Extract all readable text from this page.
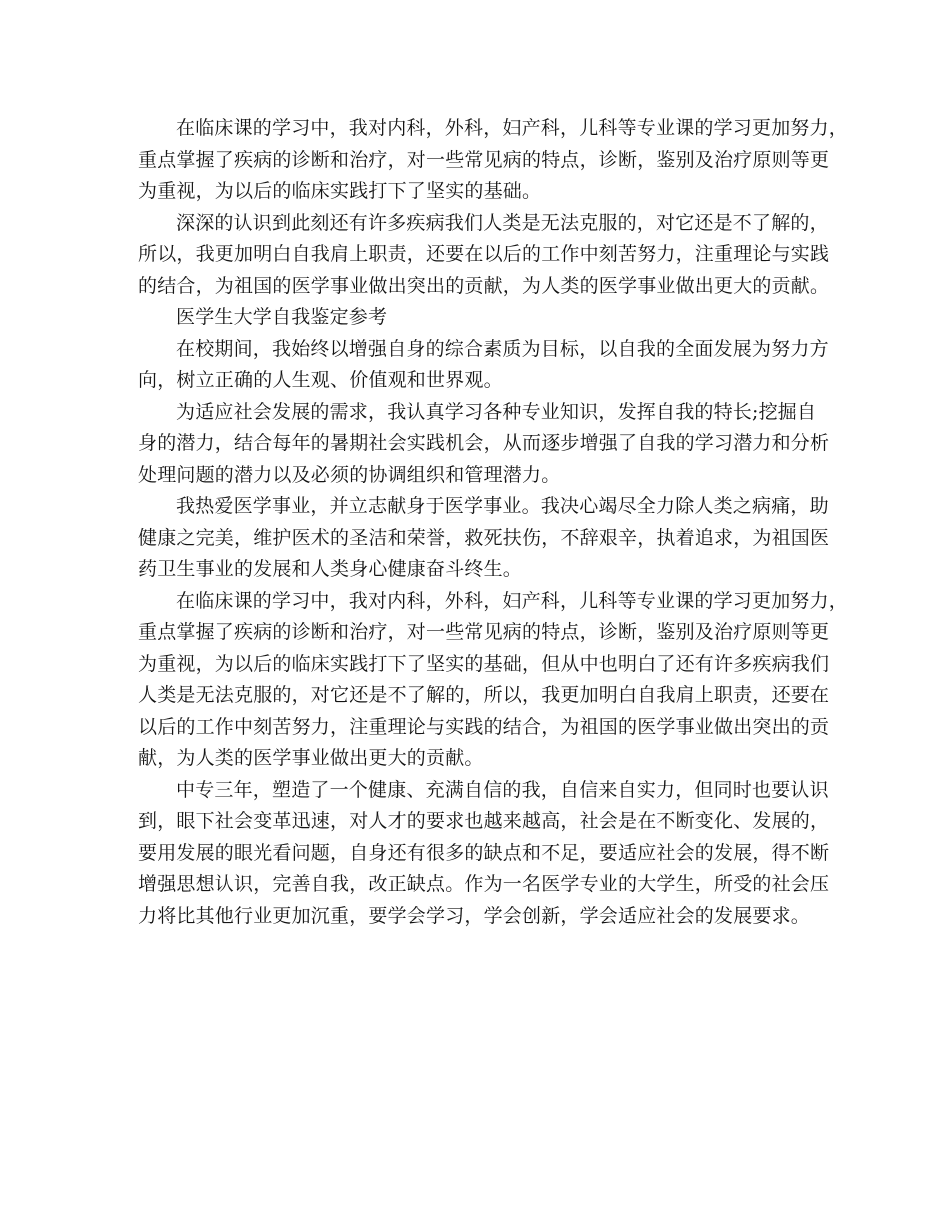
在临床课的学习中，我对内科，外科，妇产科，儿科等专业课的学习更加努力，
重点掌握了疾病的诊断和治疗，对一些常见病的特点，诊断，鉴别及治疗原则等更
为重视，为以后的临床实践打下了坚实的基础。
深深的认识到此刻还有许多疾病我们人类是无法克服的，对它还是不了解的，
所以，我更加明白自我肩上职责，还要在以后的工作中刻苦努力，注重理论与实践
的结合，为祖国的医学事业做出突出的贡献，为人类的医学事业做出更大的贡献。
医学生大学自我鉴定参考
在校期间，我始终以增强自身的综合素质为目标，以自我的全面发展为努力方
向，树立正确的人生观、价值观和世界观。
为适应社会发展的需求，我认真学习各种专业知识，发挥自我的特长;挖掘自
身的潜力，结合每年的暑期社会实践机会，从而逐步增强了自我的学习潜力和分析
处理问题的潜力以及必须的协调组织和管理潜力。
我热爱医学事业，并立志献身于医学事业。我决心竭尽全力除人类之病痛，助
健康之完美，维护医术的圣洁和荣誉，救死扶伤，不辞艰辛，执着追求，为祖国医
药卫生事业的发展和人类身心健康奋斗终生。
在临床课的学习中，我对内科，外科，妇产科，儿科等专业课的学习更加努力，
重点掌握了疾病的诊断和治疗，对一些常见病的特点，诊断，鉴别及治疗原则等更
为重视，为以后的临床实践打下了坚实的基础，但从中也明白了还有许多疾病我们
人类是无法克服的，对它还是不了解的，所以，我更加明白自我肩上职责，还要在
以后的工作中刻苦努力，注重理论与实践的结合，为祖国的医学事业做出突出的贡
献，为人类的医学事业做出更大的贡献。
中专三年，塑造了一个健康、充满自信的我，自信来自实力，但同时也要认识
到，眼下社会变革迅速，对人才的要求也越来越高，社会是在不断变化、发展的，
要用发展的眼光看问题，自身还有很多的缺点和不足，要适应社会的发展，得不断
增强思想认识，完善自我，改正缺点。作为一名医学专业的大学生，所受的社会压
力将比其他行业更加沉重，要学会学习，学会创新，学会适应社会的发展要求。
